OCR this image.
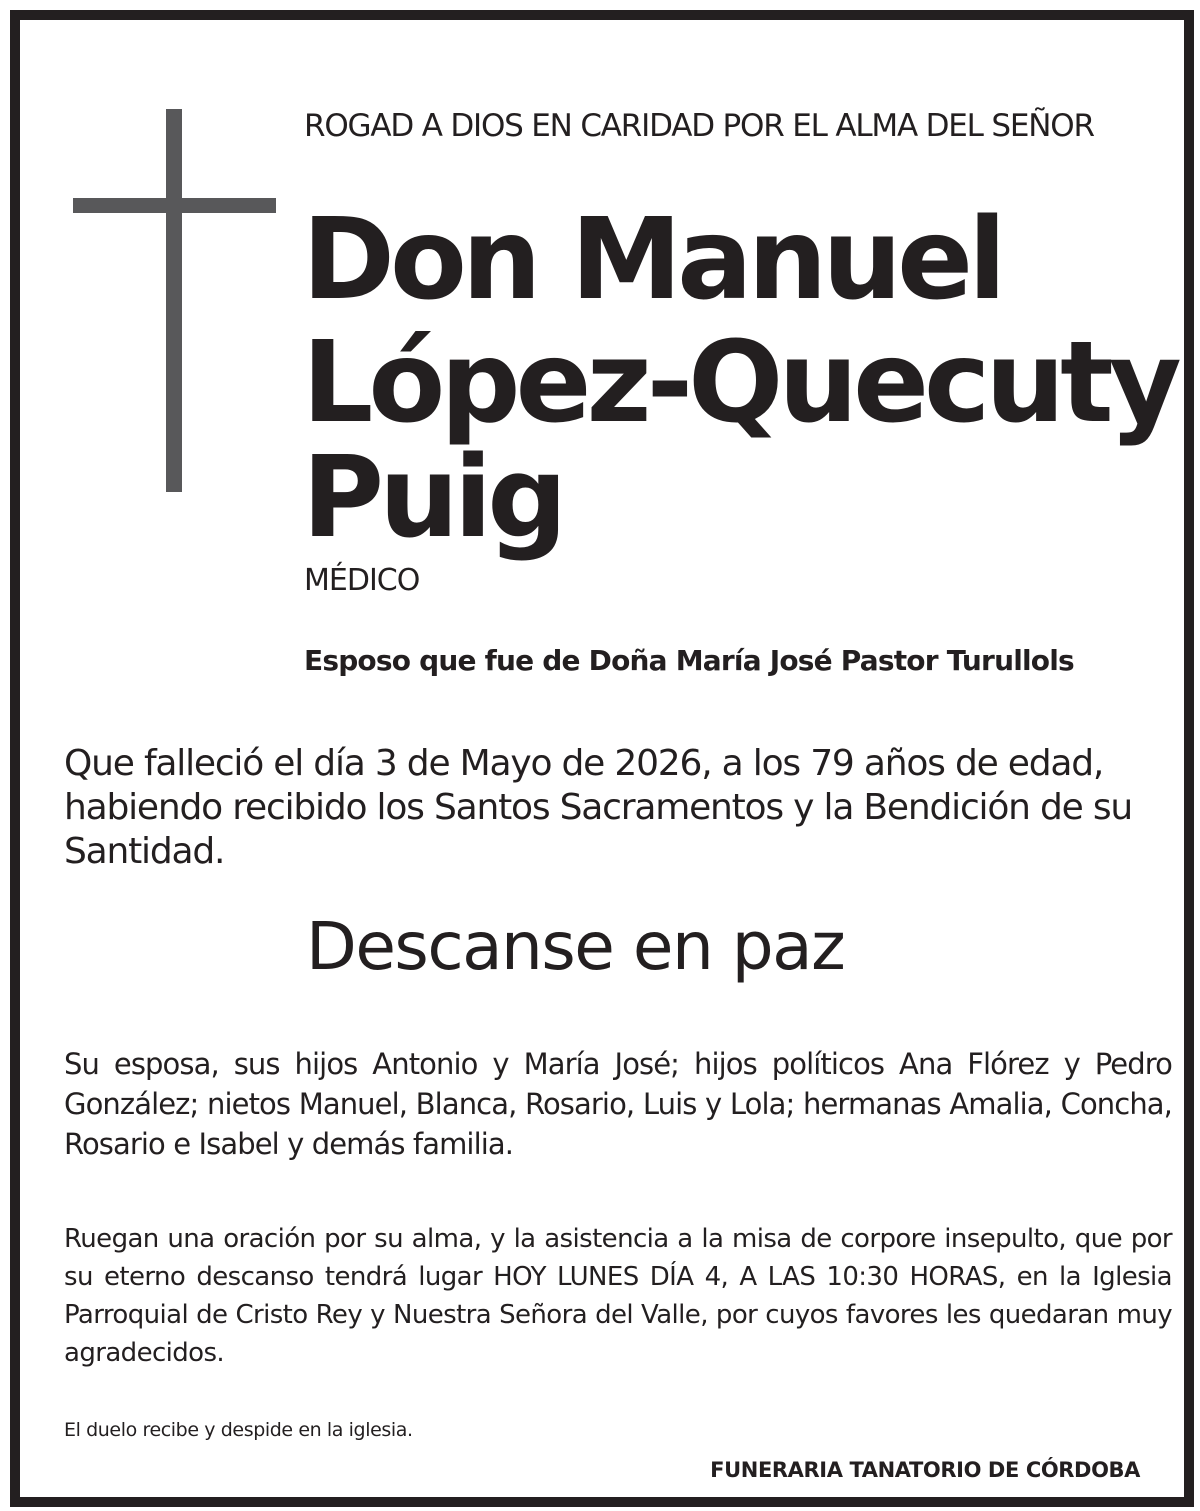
ROGAD A DIOS EN CARIDAD POR EL ALMA DEL SEÑOR
Don Manuel
López-Quecuty
Puig
MÉDICO
Esposo que fue de Doña María José Pastor Turullols
Que falleció el día 3 de Mayo de 2026, a los 79 años de edad, habiendo recibido los Santos Sacramentos y la Bendición de su Santidad.
Descanse en paz
Su esposa, sus hijos Antonio y María José; hijos políticos Ana Flórez y Pedro González; nietos Manuel, Blanca, Rosario, Luis y Lola; hermanas Amalia, Concha, Rosario e Isabel y demás familia.
Ruegan una oración por su alma, y la asistencia a la misa de corpore insepulto, que por su eterno descanso tendrá lugar HOY LUNES DÍA 4, A LAS 10:30 HORAS, en la Iglesia Parroquial de Cristo Rey y Nuestra Señora del Valle, por cuyos favores les quedaran muy agradecidos.
El duelo recibe y despide en la iglesia.
FUNERARIA TANATORIO DE CÓRDOBA
